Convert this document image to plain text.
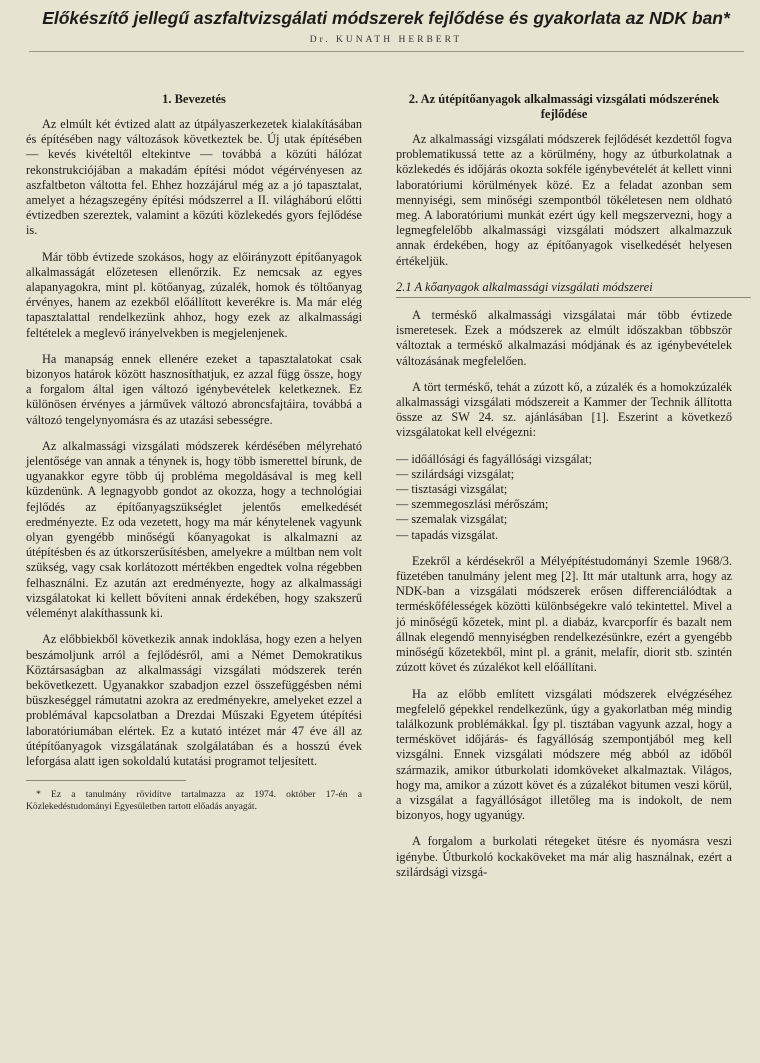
Előkészítő jellegű aszfaltvizsgálati módszerek fejlődése és gyakorlata az NDK ban*
Dr. KUNATH HERBERT
1. Bevezetés

Az elmúlt két évtized alatt az útpályaszerkezetek kialakításában és építésében nagy változások következtek be. Új utak építésében — kevés kivételtől eltekintve — továbbá a közúti hálózat rekonstrukciójában a makadám építési módot végérvényesen az aszfaltbeton váltotta fel. Ehhez hozzájárul még az a jó tapasztalat, amelyet a hézagszegény építési módszerrel a II. világháború előtti évtizedben szereztek, valamint a közúti közlekedés gyors fejlődése is.

Már több évtizede szokásos, hogy az előirányzott építőanyagok alkalmasságát előzetesen ellenőrzik. Ez nemcsak az egyes alapanyagokra, mint pl. kötőanyag, zúzalék, homok és töltőanyag érvényes, hanem az ezekből előállított keverékre is. Ma már elég tapasztalattal rendelkezünk ahhoz, hogy ezek az alkalmassági feltételek a meglevő irányelvekben is megjelenjenek.

Ha manapság ennek ellenére ezeket a tapasztalatokat csak bizonyos határok között hasznosíthatjuk, ez azzal függ össze, hogy a forgalom által igen változó igénybevételek keletkeznek. Ez különösen érvényes a járművek változó abroncsfajtáira, továbbá a változó tengelynyomásra és az utazási sebességre.

Az alkalmassági vizsgálati módszerek kérdésében mélyreható jelentősége van annak a ténynek is, hogy több ismerettel bírunk, de ugyanakkor egyre több új probléma megoldásával is meg kell küzdenünk. A legnagyobb gondot az okozza, hogy a technológiai fejlődés az építőanyagszükséglet jelentős emelkedését eredményezte. Ez oda vezetett, hogy ma már kénytelenek vagyunk olyan gyengébb minőségű kőanyagokat is alkalmazni az útépítésben és az útkorszerűsítésben, amelyekre a múltban nem volt szükség, vagy csak korlátozott mértékben engedtek volna régebben felhasználni. Ez azután azt eredményezte, hogy az alkalmassági vizsgálatokat ki kellett bővíteni annak érdekében, hogy szakszerű véleményt alakíthassunk ki.

Az előbbiekből következik annak indoklása, hogy ezen a helyen beszámoljunk arról a fejlődésről, ami a Német Demokratikus Köztársaságban az alkalmassági vizsgálati módszerek terén bekövetkezett. Ugyanakkor szabadjon ezzel összefüggésben némi büszkeséggel rámutatni azokra az eredményekre, amelyeket ezzel a problémával kapcsolatban a Drezdai Műszaki Egyetem útépítési laboratóriumában elértek. Ez a kutató intézet már 47 éve áll az útépítőanyagok vizsgálatának szolgálatában és a hosszú évek leforgása alatt igen sokoldalú kutatási programot teljesített.

* Ez a tanulmány rövidítve tartalmazza az 1974. október 17-én a Közlekedéstudományi Egyesületben tartott előadás anyagát.
2. Az útépítőanyagok alkalmassági vizsgálati módszerének fejlődése

Az alkalmassági vizsgálati módszerek fejlődését kezdettől fogva problematikussá tette az a körülmény, hogy az útburkolatnak a közlekedés és időjárás okozta sokféle igénybevételét át kellett vinni laboratóriumi körülmények közé. Ez a feladat azonban sem mennyiségi, sem minőségi szempontból tökéletesen nem oldható meg. A laboratóriumi munkát ezért úgy kell megszervezni, hogy a legmegfelelőbb alkalmassági vizsgálati módszert alkalmazzuk annak érdekében, hogy az építőanyagok viselkedését helyesen értékeljük.

2.1 A kőanyagok alkalmassági vizsgálati módszerei

A terméskő alkalmassági vizsgálatai már több évtizede ismeretesek. Ezek a módszerek az elmúlt időszakban többször változtak a terméskő alkalmazási módjának és az igénybevételek változásának megfelelően.

A tört terméskő, tehát a zúzott kő, a zúzalék és a homokzúzalék alkalmassági vizsgálati módszereit a Kammer der Technik állította össze az SW 24. sz. ajánlásában [1]. Eszerint a következő vizsgálatokat kell elvégezni:

— időállósági és fagyállósági vizsgálat;
— szilárdsági vizsgálat;
— tisztasági vizsgálat;
— szemmegoszlási mérőszám;
— szemalak vizsgálat;
— tapadás vizsgálat.

Ezekről a kérdésekről a Mélyépítéstudományi Szemle 1968/3. füzetében tanulmány jelent meg [2]. Itt már utaltunk arra, hogy az NDK-ban a vizsgálati módszerek erősen differenciálódtak a terméskőfélességek közötti különbségekre való tekintettel. Mivel a jó minőségű kőzetek, mint pl. a diabáz, kvarcporfír és bazalt nem állnak elegendő mennyiségben rendelkezésünkre, ezért a gyengébb minőségű kőzetekből, mint pl. a gránit, melafír, diorit stb. szintén zúzott követ és zúzalékot kell előállítani.

Ha az előbb említett vizsgálati módszerek elvégzéséhez megfelelő gépekkel rendelkezünk, úgy a gyakorlatban még mindig találkozunk problémákkal. Így pl. tisztában vagyunk azzal, hogy a terméskövet időjárás- és fagyállóság szempontjából meg kell vizsgálni. Ennek vizsgálati módszere még abból az időből származik, amikor útburkolati idomköveket alkalmaztak. Világos, hogy ma, amikor a zúzott követ és a zúzalékot bitumen veszi körül, a vizsgálat a fagyállóságot illetőleg ma is indokolt, de nem bizonyos, hogy ugyanúgy.

A forgalom a burkolati rétegeket ütésre és nyomásra veszi igénybe. Útburkoló kockaköveket ma már alig használnak, ezért a szilárdsági vizsgá-
